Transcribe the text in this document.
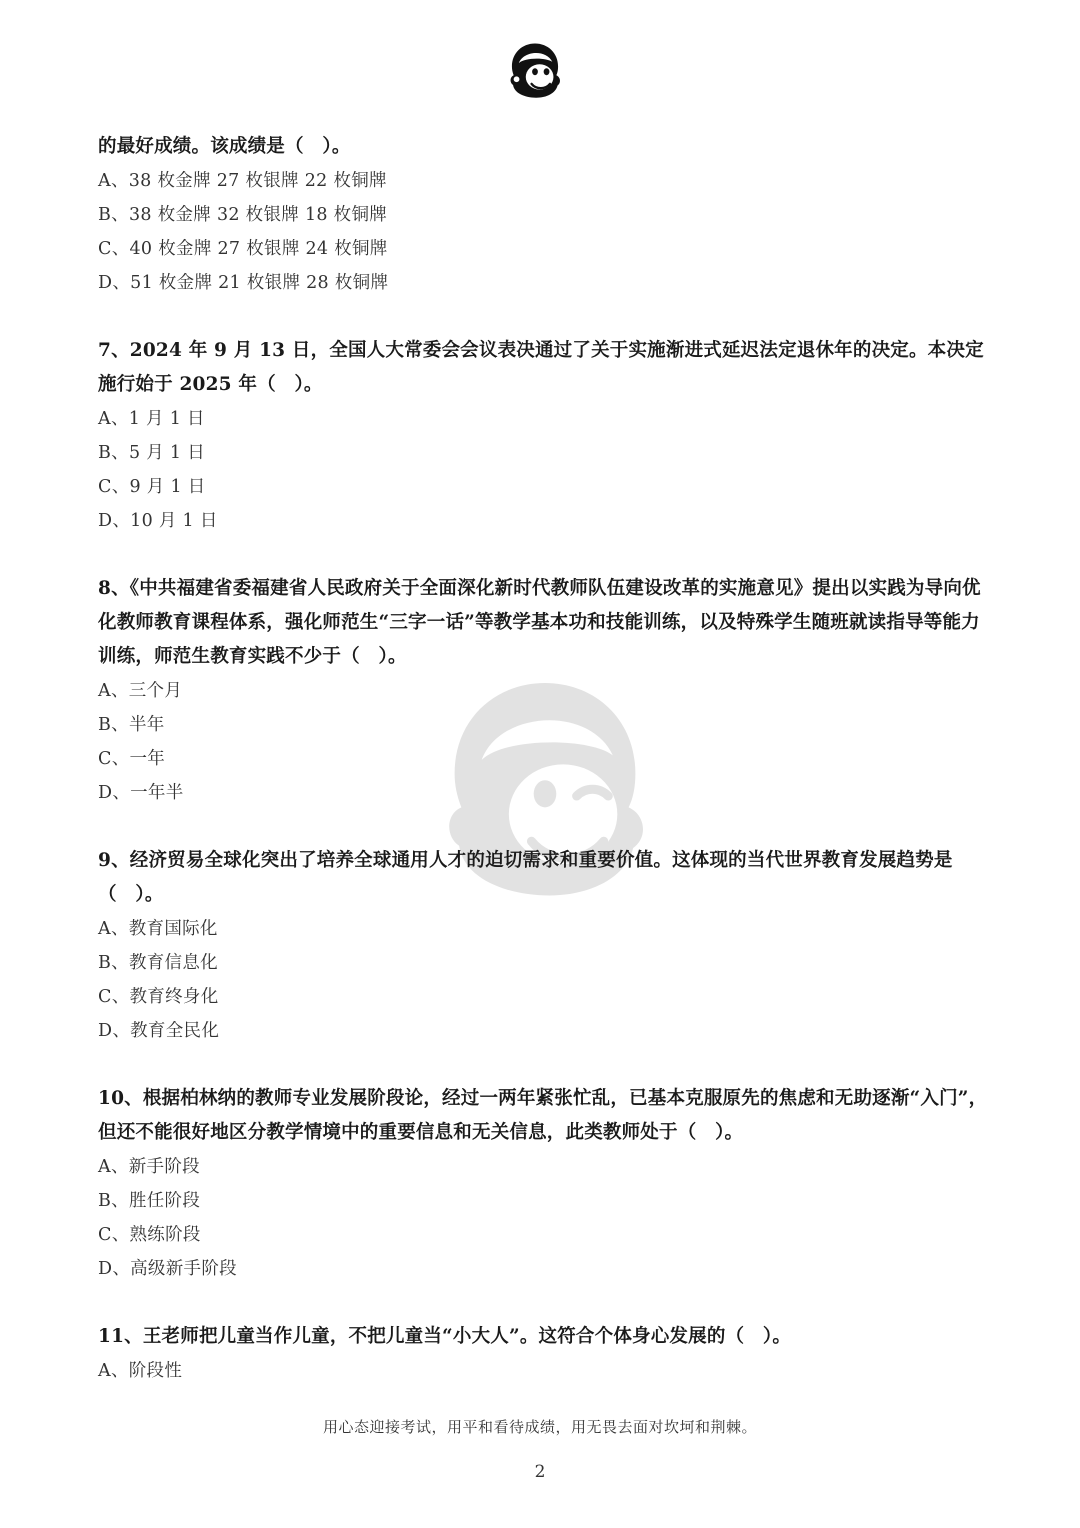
的最好成绩。该成绩是（　）。

A、38 枚金牌 27 枚银牌 22 枚铜牌
B、38 枚金牌 32 枚银牌 18 枚铜牌
C、40 枚金牌 27 枚银牌 24 枚铜牌
D、51 枚金牌 21 枚银牌 28 枚铜牌

7、2024 年 9 月 13 日，全国人大常委会会议表决通过了关于实施渐进式延迟法定退休年的决定。本决定施行始于 2025 年（　）。

A、1 月 1 日
B、5 月 1 日
C、9 月 1 日
D、10 月 1 日

8、《中共福建省委福建省人民政府关于全面深化新时代教师队伍建设改革的实施意见》提出以实践为导向优化教师教育课程体系，强化师范生“三字一话”等教学基本功和技能训练，以及特殊学生随班就读指导等能力训练，师范生教育实践不少于（　）。

A、三个月
B、半年
C、一年
D、一年半

9、经济贸易全球化突出了培养全球通用人才的迫切需求和重要价值。这体现的当代世界教育发展趋势是（　）。

A、教育国际化
B、教育信息化
C、教育终身化
D、教育全民化

10、根据柏林纳的教师专业发展阶段论，经过一两年紧张忙乱，已基本克服原先的焦虑和无助逐渐“入门”，但还不能很好地区分教学情境中的重要信息和无关信息，此类教师处于（　）。

A、新手阶段
B、胜任阶段
C、熟练阶段
D、高级新手阶段

11、王老师把儿童当作儿童，不把儿童当“小大人”。这符合个体身心发展的（　）。

A、阶段性
用心态迎接考试，用平和看待成绩，用无畏去面对坎坷和荆棘。
2
